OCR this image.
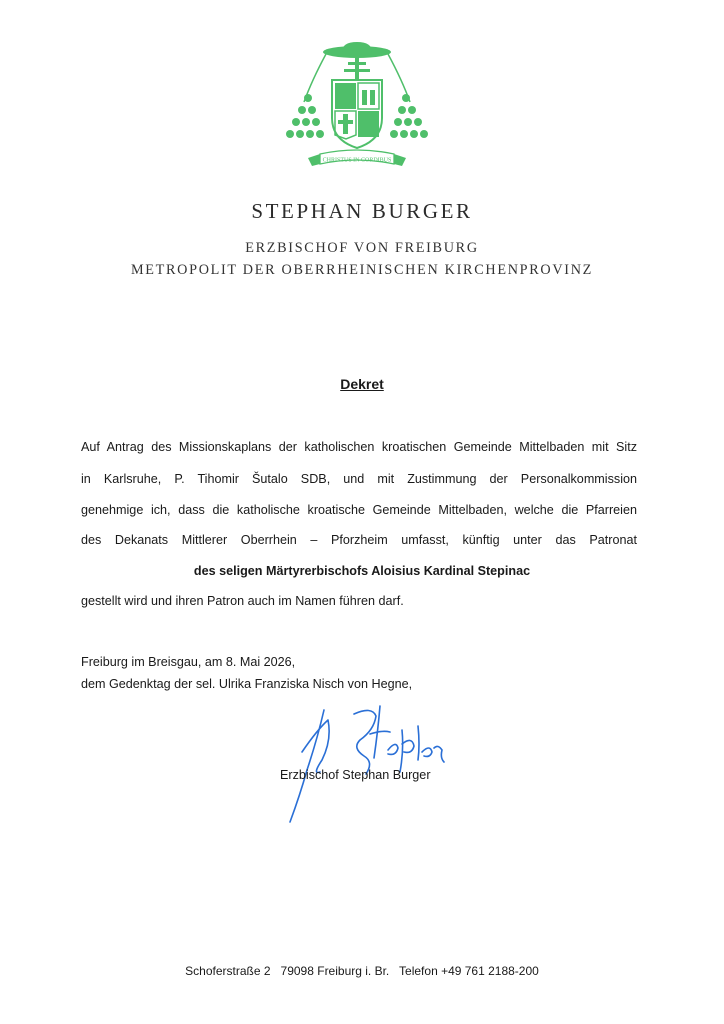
CHRISTUS IN CORDIBUS
STEPHAN BURGER
ERZBISCHOF VON FREIBURG
METROPOLIT DER OBERRHEINISCHEN KIRCHENPROVINZ
Dekret
Auf Antrag des Missionskaplans der katholischen kroatischen Gemeinde Mittelbaden mit Sitz
in Karlsruhe, P. Tihomir Šutalo SDB, und mit Zustimmung der Personalkommission
genehmige ich, dass die katholische kroatische Gemeinde Mittelbaden, welche die Pfarreien
des Dekanats Mittlerer Oberrhein – Pforzheim umfasst, künftig unter das Patronat
des seligen Märtyrerbischofs Aloisius Kardinal Stepinac
gestellt wird und ihren Patron auch im Namen führen darf.
Freiburg im Breisgau, am 8. Mai 2026,
dem Gedenktag der sel. Ulrika Franziska Nisch von Hegne,
Erzbischof Stephan Burger
Schoferstraße 2   79098 Freiburg i. Br.   Telefon +49 761 2188-200
